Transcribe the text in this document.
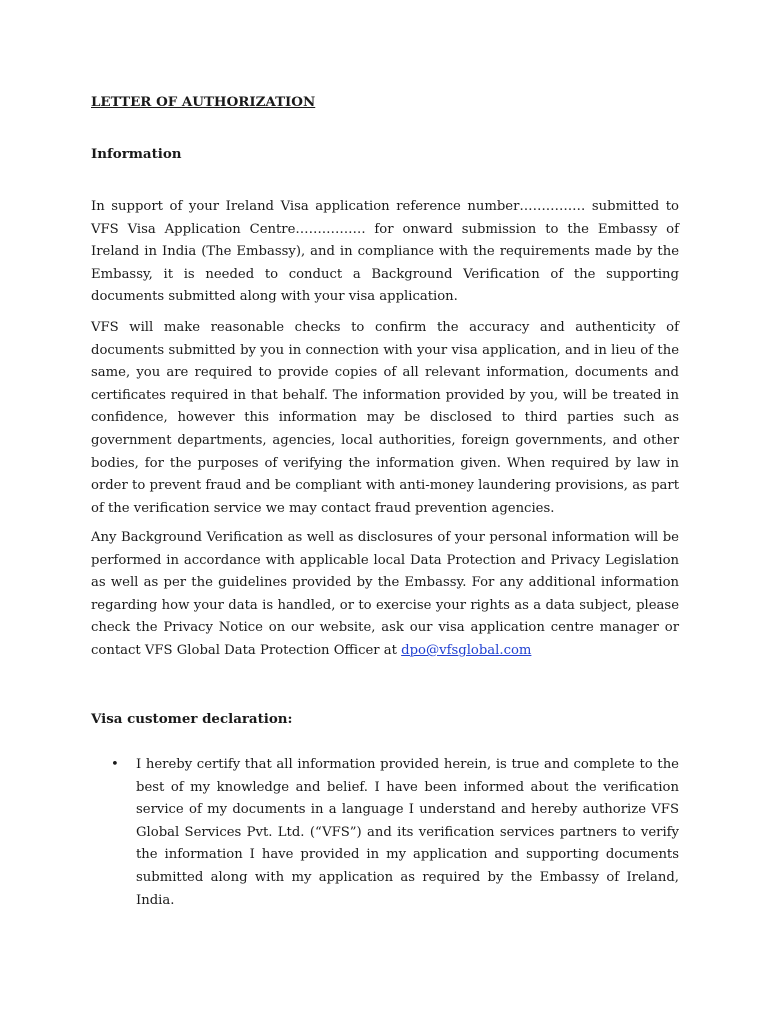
LETTER OF AUTHORIZATION
Information

In support of your Ireland Visa application reference number…………… submitted to VFS Visa Application Centre……………. for onward submission to the Embassy of Ireland in India (The Embassy), and in compliance with the requirements made by the Embassy, it is needed to conduct a Background Verification of the supporting documents submitted along with your visa application.

VFS will make reasonable checks to confirm the accuracy and authenticity of documents submitted by you in connection with your visa application, and in lieu of the same, you are required to provide copies of all relevant information, documents and certificates required in that behalf. The information provided by you, will be treated in confidence, however this information may be disclosed to third parties such as government departments, agencies, local authorities, foreign governments, and other bodies, for the purposes of verifying the information given. When required by law in order to prevent fraud and be compliant with anti-money laundering provisions, as part of the verification service we may contact fraud prevention agencies.

Any Background Verification as well as disclosures of your personal information will be performed in accordance with applicable local Data Protection and Privacy Legislation as well as per the guidelines provided by the Embassy. For any additional information regarding how your data is handled, or to exercise your rights as a data subject, please check the Privacy Notice on our website, ask our visa application centre manager or contact VFS Global Data Protection Officer at dpo@vfsglobal.com

Visa customer declaration:
• I hereby certify that all information provided herein, is true and complete to the best of my knowledge and belief. I have been informed about the verification service of my documents in a language I understand and hereby authorize VFS Global Services Pvt. Ltd. (“VFS”) and its verification services partners to verify the information I have provided in my application and supporting documents submitted along with my application as required by the Embassy of Ireland, India.
